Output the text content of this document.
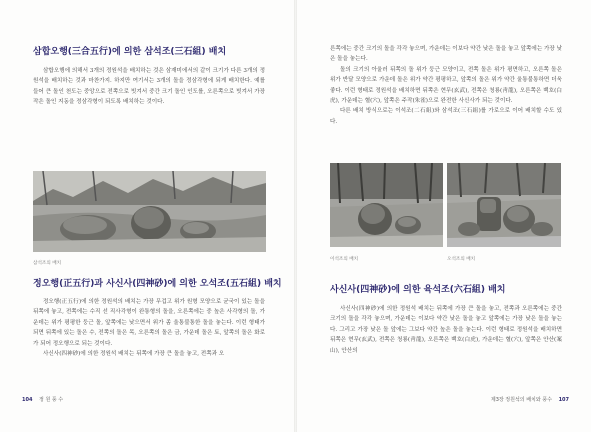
삼합오행(三合五行)에 의한 삼석조(三石組) 배치

삼합오행에 의해서 3개의 정원석을 배치하는 것은 삼재미에서의 같이 크기가 다른 3개의 정원석을 배치하는 것과 마찬가지. 하지만 여기서는 3개의 돌을 정삼각형에 되게 배치한다. 예를 들어 큰 돌인 천도는 중앙으로 전쪽으로 빗겨서 중간 크기 돌인 인도를, 오른쪽으로 빗겨서 가장 작은 돌인 지동을 정삼각형이 되도록 배치하는 것이다.

삼석조의 배치
정오행(正五行)과 사신사(四神砂)에 의한 오석조(五石組) 배치

정오행(正五行)에 의한 정원석의 배치는 가장 무겁고 위가 원형 모양으로 균국이 있는 돌을 뒤쪽에 놓고, 전쪽에는 수직 선 직사각형이 완통형의 돌을, 오른쪽에는 중 높은 사각형의 돌, 가운데는 위가 평평한 둥근 돌, 앞쪽에는 낮으면서 위가 좀 울통불통한 돌을 놓는다. 이런 형태가 되면 뒤쪽에 있는 돌은 수, 전쪽의 돌은 목, 오른쪽의 돌은 금, 가운데 돌은 토, 앞쪽의 돌은 화로가 되어 정오행으로 되는 것이다.

사신사(四神砂)에 의한 정원석 배치는 뒤쪽에 가장 큰 돌을 놓고, 전쪽과 오

104 정 원 풍 수

른쪽에는 중간 크기의 돌을 각각 놓으며, 가운데는 이보다 약간 낮은 돌을 놓고 앞쪽에는 가장 낮은 돌을 놓는다.

돌의 크기의 아울러 뒤쪽의 돌 위가 둥근 모양이고, 전쪽 돌은 위가 평면하고, 오른쪽 돌은 위가 반달 모양으로 가운데 돌은 위가 약간 평평하고, 앞쪽의 돌은 위가 약간 울통불통하면 더욱 좋다. 이런 형태로 정원석을 배치하면 뒤쪽은 현무(玄武), 전쪽은 청룡(靑龍), 오른쪽은 백호(白虎), 가운데는 혈(穴), 앞쪽은 주작(朱雀)으로 완전한 사신사가 되는 것이다.

다른 배치 방식으로는 이석조(二石組)와 삼석조(三石組)를 가로으로 이어 배치할 수도 있다.

이석조의 배치	오석조의 배치
사신사(四神砂)에 의한 육석조(六石組) 배치

사신사(四神砂)에 의한 정원석 배치는 뒤쪽에 가장 큰 돌을 놓고, 전쪽과 오른쪽에는 중간 크기의 돌을 각각 놓으며, 가운데는 이보다 약간 낮은 돌을 놓고 앞쪽에는 가장 낮은 돌을 놓는다. 그리고 가장 낮은 돌 앞에는 그보다 약간 높은 돌을 놓는다. 이런 형태로 정원석을 배치하면 뒤쪽은 현무(玄武), 전쪽은 청룡(靑龍), 오른쪽은 백호(白虎), 가운데는 혈(穴), 앞쪽은 안산(案山), 안산의

제3장 정원석의 배치와 풍수 107
